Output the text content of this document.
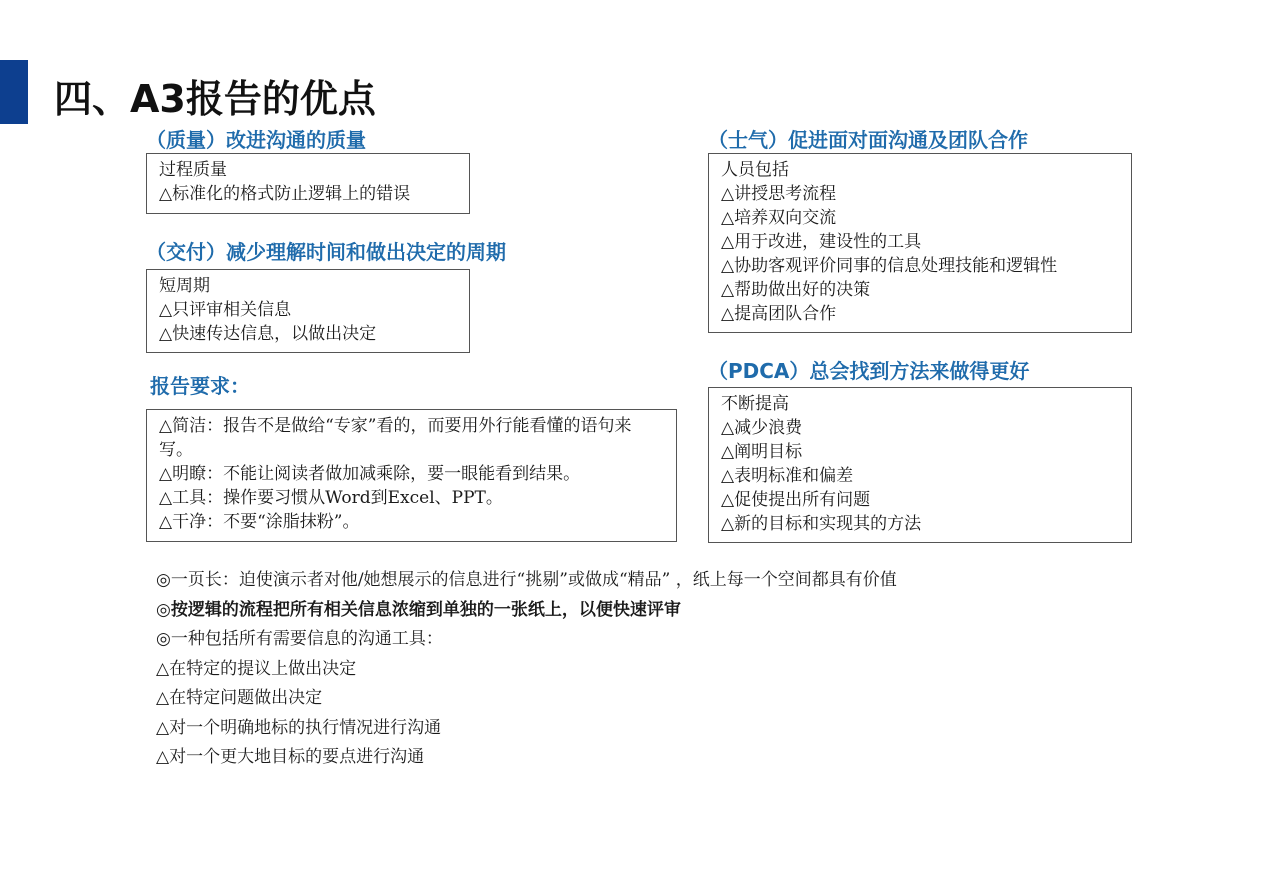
四、A3报告的优点
（质量）改进沟通的质量
过程质量
△标准化的格式防止逻辑上的错误
（交付）减少理解时间和做出决定的周期
短周期
△只评审相关信息
△快速传达信息，以做出决定
报告要求：
△简洁：报告不是做给“专家”看的，而要用外行能看懂的语句来写。
△明瞭：不能让阅读者做加减乘除，要一眼能看到结果。
△工具：操作要习惯从Word到Excel、PPT。
△干净：不要“涂脂抹粉”。
（士气）促进面对面沟通及团队合作
人员包括
△讲授思考流程
△培养双向交流
△用于改进，建设性的工具
△协助客观评价同事的信息处理技能和逻辑性
△帮助做出好的决策
△提高团队合作
（PDCA）总会找到方法来做得更好
不断提高
△减少浪费
△阐明目标
△表明标准和偏差
△促使提出所有问题
△新的目标和实现其的方法
◎一页长：迫使演示者对他/她想展示的信息进行“挑剔”或做成“精品” ，纸上每一个空间都具有价值
◎按逻辑的流程把所有相关信息浓缩到单独的一张纸上，以便快速评审
◎一种包括所有需要信息的沟通工具：
△在特定的提议上做出决定
△在特定问题做出决定
△对一个明确地标的执行情况进行沟通
△对一个更大地目标的要点进行沟通
